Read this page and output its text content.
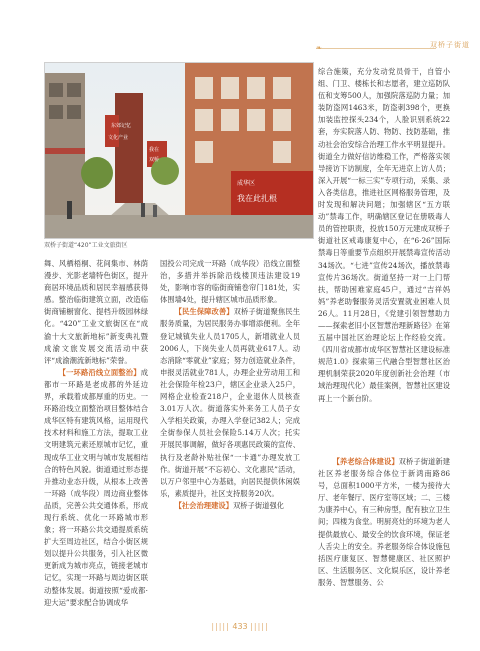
❧	双桥子街道
东郊记忆
文化产业
我在
双桥
成华区
我在此扎根
双桥子街道“420”工业文旅街区

舞、风栖梧桐、花间集市、林荫漫步、光影老墙特色街区，提升商居环境品质和居民幸福感获得感。整治临街建筑立面，改造临街商铺橱窗化、提档升级园林绿化。“420”工业文旅街区在“成渝十大文旅新地标”新变典礼暨成渝文旅发展交流活动中获评“成渝潮流新地标”荣誉。

【一环路沿线立面整治】成都市一环路是老成都的外延边界，承载着成都厚重的历史。一环路沿线立面整治项目整体结合成华区特有建筑风格，运用现代技术材料和施工方法，提取工业文明建筑元素还原城市记忆，重现成华工业文明与城市发展相结合的特色风貌。街道通过形态提升推动业态升级，从根本上改善一环路（成华段）周边商业整体品质，完善公共交通体系，形成现行系统、优化一环路城市形象；将一环路公共交通提质系统扩大至周边社区，结合小街区规划以提升公共服务，引入社区微更新成为城市亮点，链接老城市记忆，实现一环路与周边街区联动整体发展。街道按照“爱成都·迎大运”要求配合协调成华

国投公司完成一环路（成华段）沿线立面整治，多措并举拆除沿线楼顶违法建设19处，影响市容的临街商铺卷帘门181处，实体围墙4处，提升辖区城市品质形象。

【民生保障改善】双桥子街道聚焦民生服务质量，为居民服务办事增添便利。全年登记城镇失业人员1705人，新增就业人员2006人，下岗失业人员再就业617人。动态消除“零就业”家庭；努力创造就业条件，申报灵活就业781人，办理企业劳动用工和社会保险年检23户，辖区企业录入25户，网格企业检查218户，企业退休人员核查3.01万人次。街道落实外来务工人员子女入学相关政策，办理入学登记382人；完成全街参保人员社会保险5.14万人次；托实开展民事调解，做好各项惠民政策的宣传、执行及老龄补贴社保“一卡通”办理发放工作。街道开展“不忘初心、文化惠民”活动，以万户邻里中心为基础，向居民提供休闲娱乐，素质提升，社区支持服务20次。

【社会治理建设】双桥子街道强化

综合施策，充分发动党员骨干，自管小组、门卫、楼栋长和志愿者，建立巡防队伍和支筹500人，加强院落巡防力量；加装防盗网1463米，防盗刺398个，更换加装监控探头234个，人脸识别系统22套，夯实院落人防、物防、技防基础，推动社会治安综合治理工作水平明显提升。街道全力做好信访维稳工作，严格落实领导接访下访制度，全年无进京上访人员；深入开展“一标三实”专项行动，采集、录入各类信息，推进社区网格服务管理，及时发现和解决问题；加强辖区“五方联动”禁毒工作，明确辖区登记在册吸毒人员的管控职责，投放150万元建成双桥子街道社区戒毒康复中心，在“6·26”国际禁毒日等重要节点组织开展禁毒宣传活动34场次。“七进”宣传24场次，播放禁毒宣传片36场次。街道坚持一对一上门帮扶，帮助困难家庭45户，通过“吉祥妈妈”养老助餐服务灵活安置就业困难人员26人。11月28日，《党建引领智慧助力——探索老旧小区智慧治理新路径》在第五届中国社区治理论坛上作经验交流。《四川省成都市成华区智慧社区建设标准规范1.0》探索第三代融合型智慧社区治理机制荣获2020年度创新社会治理（市域治理现代化）最佳案例，智慧社区建设再上一个新台阶。

【养老综合体建设】双桥子街道新建社区养老服务综合体位于新鸿南路86号，总面积1000平方米，一楼为接待大厅、老年餐厅、医疗室等区域；二、三楼为康养中心，有三种房型，配有独立卫生间；四楼为食堂。明厨亮灶的环境为老人提供最放心、最安全的饮食环境，保证老人舌尖上的安全。养老服务综合体设施包括医疗康复区、智慧健康区、社区照护区、生活服务区、文化娱乐区，设计养老服务、智慧服务、公

||||| 433 |||||
